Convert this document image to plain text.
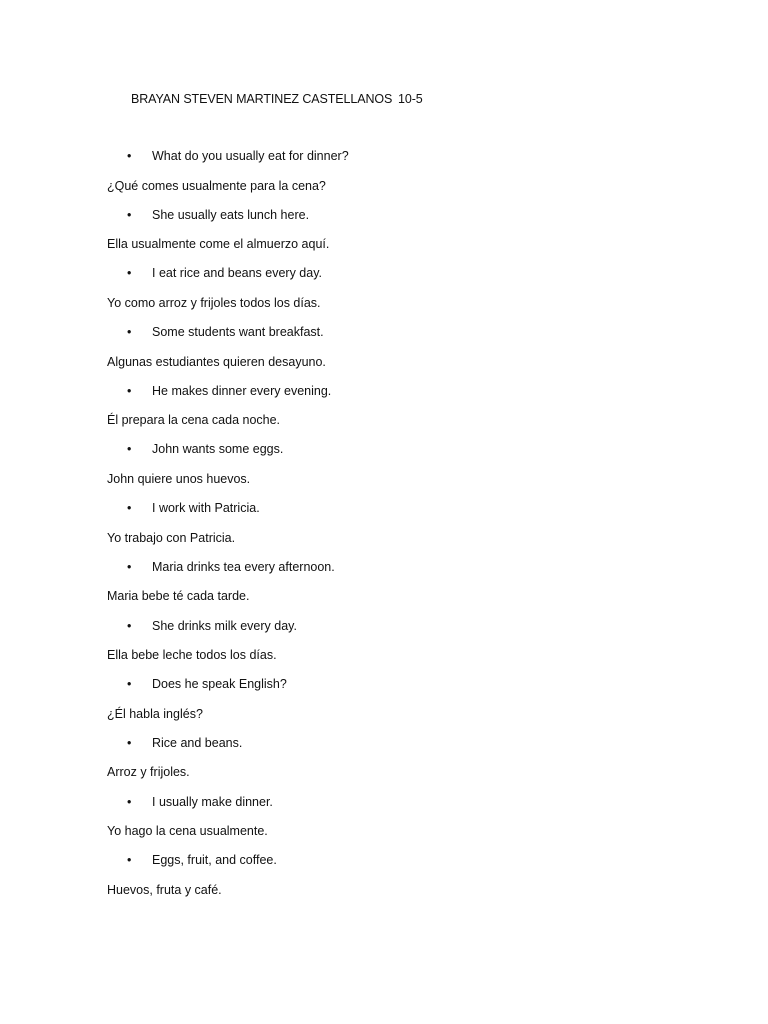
BRAYAN STEVEN MARTINEZ CASTELLANOS 10-5
• What do you usually eat for dinner?
¿Qué comes usualmente para la cena?
• She usually eats lunch here.
Ella usualmente come el almuerzo aquí.
• I eat rice and beans every day.
Yo como arroz y frijoles todos los días.
• Some students want breakfast.
Algunas estudiantes quieren desayuno.
• He makes dinner every evening.
Él prepara la cena cada noche.
• John wants some eggs.
John quiere unos huevos.
• I work with Patricia.
Yo trabajo con Patricia.
• Maria drinks tea every afternoon.
Maria bebe té cada tarde.
• She drinks milk every day.
Ella bebe leche todos los días.
• Does he speak English?
¿Él habla inglés?
• Rice and beans.
Arroz y frijoles.
• I usually make dinner.
Yo hago la cena usualmente.
• Eggs, fruit, and coffee.
Huevos, fruta y café.
